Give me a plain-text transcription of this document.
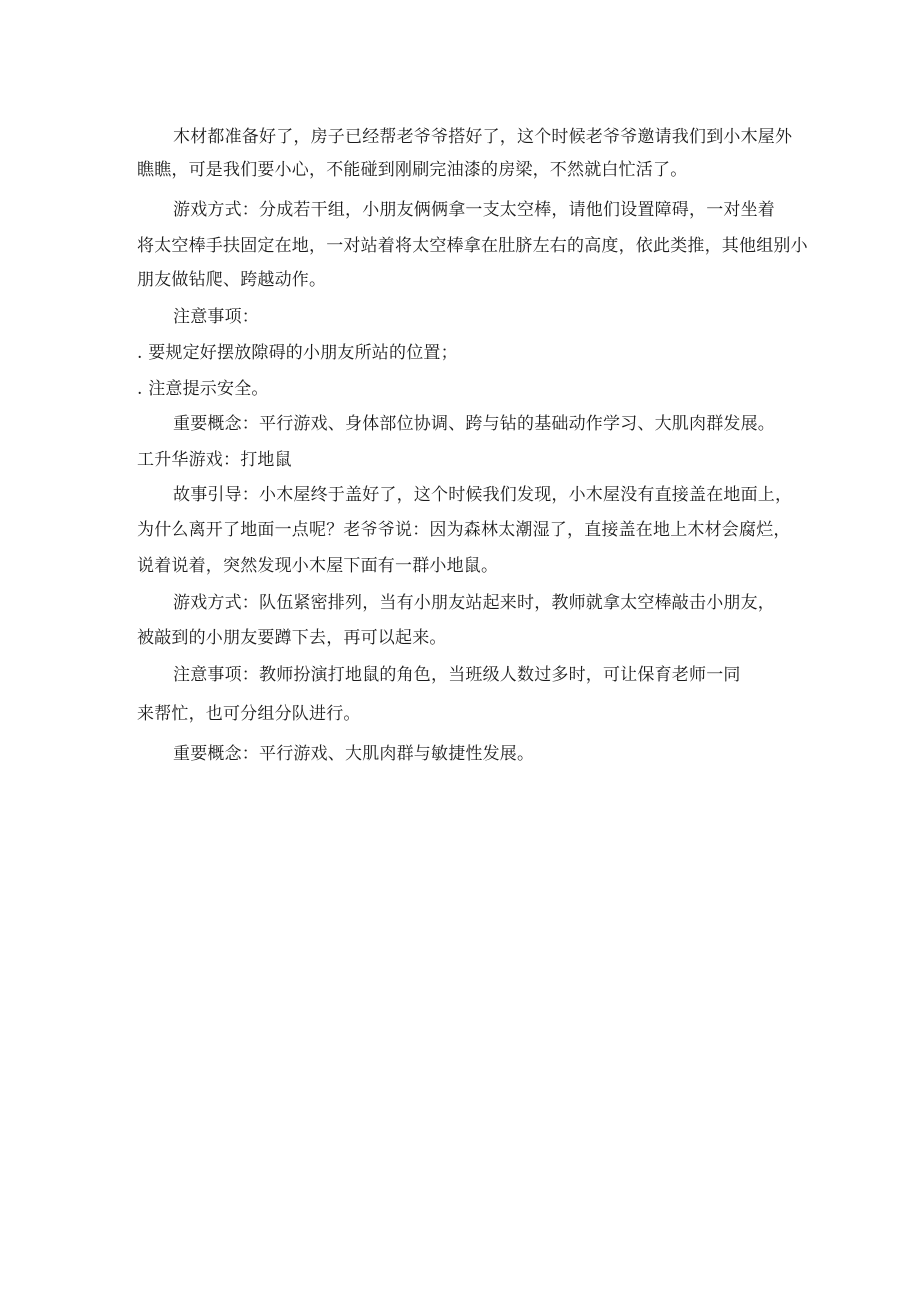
木材都准备好了，房子已经帮老爷爷搭好了，这个时候老爷爷邀请我们到小木屋外
瞧瞧，可是我们要小心，不能碰到刚刷完油漆的房梁，不然就白忙活了。
游戏方式：分成若干组，小朋友俩俩拿一支太空棒，请他们设置障碍，一对坐着
将太空棒手扶固定在地，一对站着将太空棒拿在肚脐左右的高度，依此类推，其他组别小
朋友做钻爬、跨越动作。
注意事项：
. 要规定好摆放隙碍的小朋友所站的位置；
. 注意提示安全。
重要概念：平行游戏、身体部位协调、跨与钻的基础动作学习、大肌肉群发展。
工升华游戏：打地鼠
故事引导：小木屋终于盖好了，这个时候我们发现，小木屋没有直接盖在地面上，
为什么离开了地面一点呢？老爷爷说：因为森林太潮湿了，直接盖在地上木材会腐烂，
说着说着，突然发现小木屋下面有一群小地鼠。
游戏方式：队伍紧密排列，当有小朋友站起来时，教师就拿太空棒敲击小朋友，
被敲到的小朋友要蹲下去，再可以起来。
注意事项：教师扮演打地鼠的角色，当班级人数过多时，可让保育老师一同
来帮忙，也可分组分队进行。
重要概念：平行游戏、大肌肉群与敏捷性发展。
